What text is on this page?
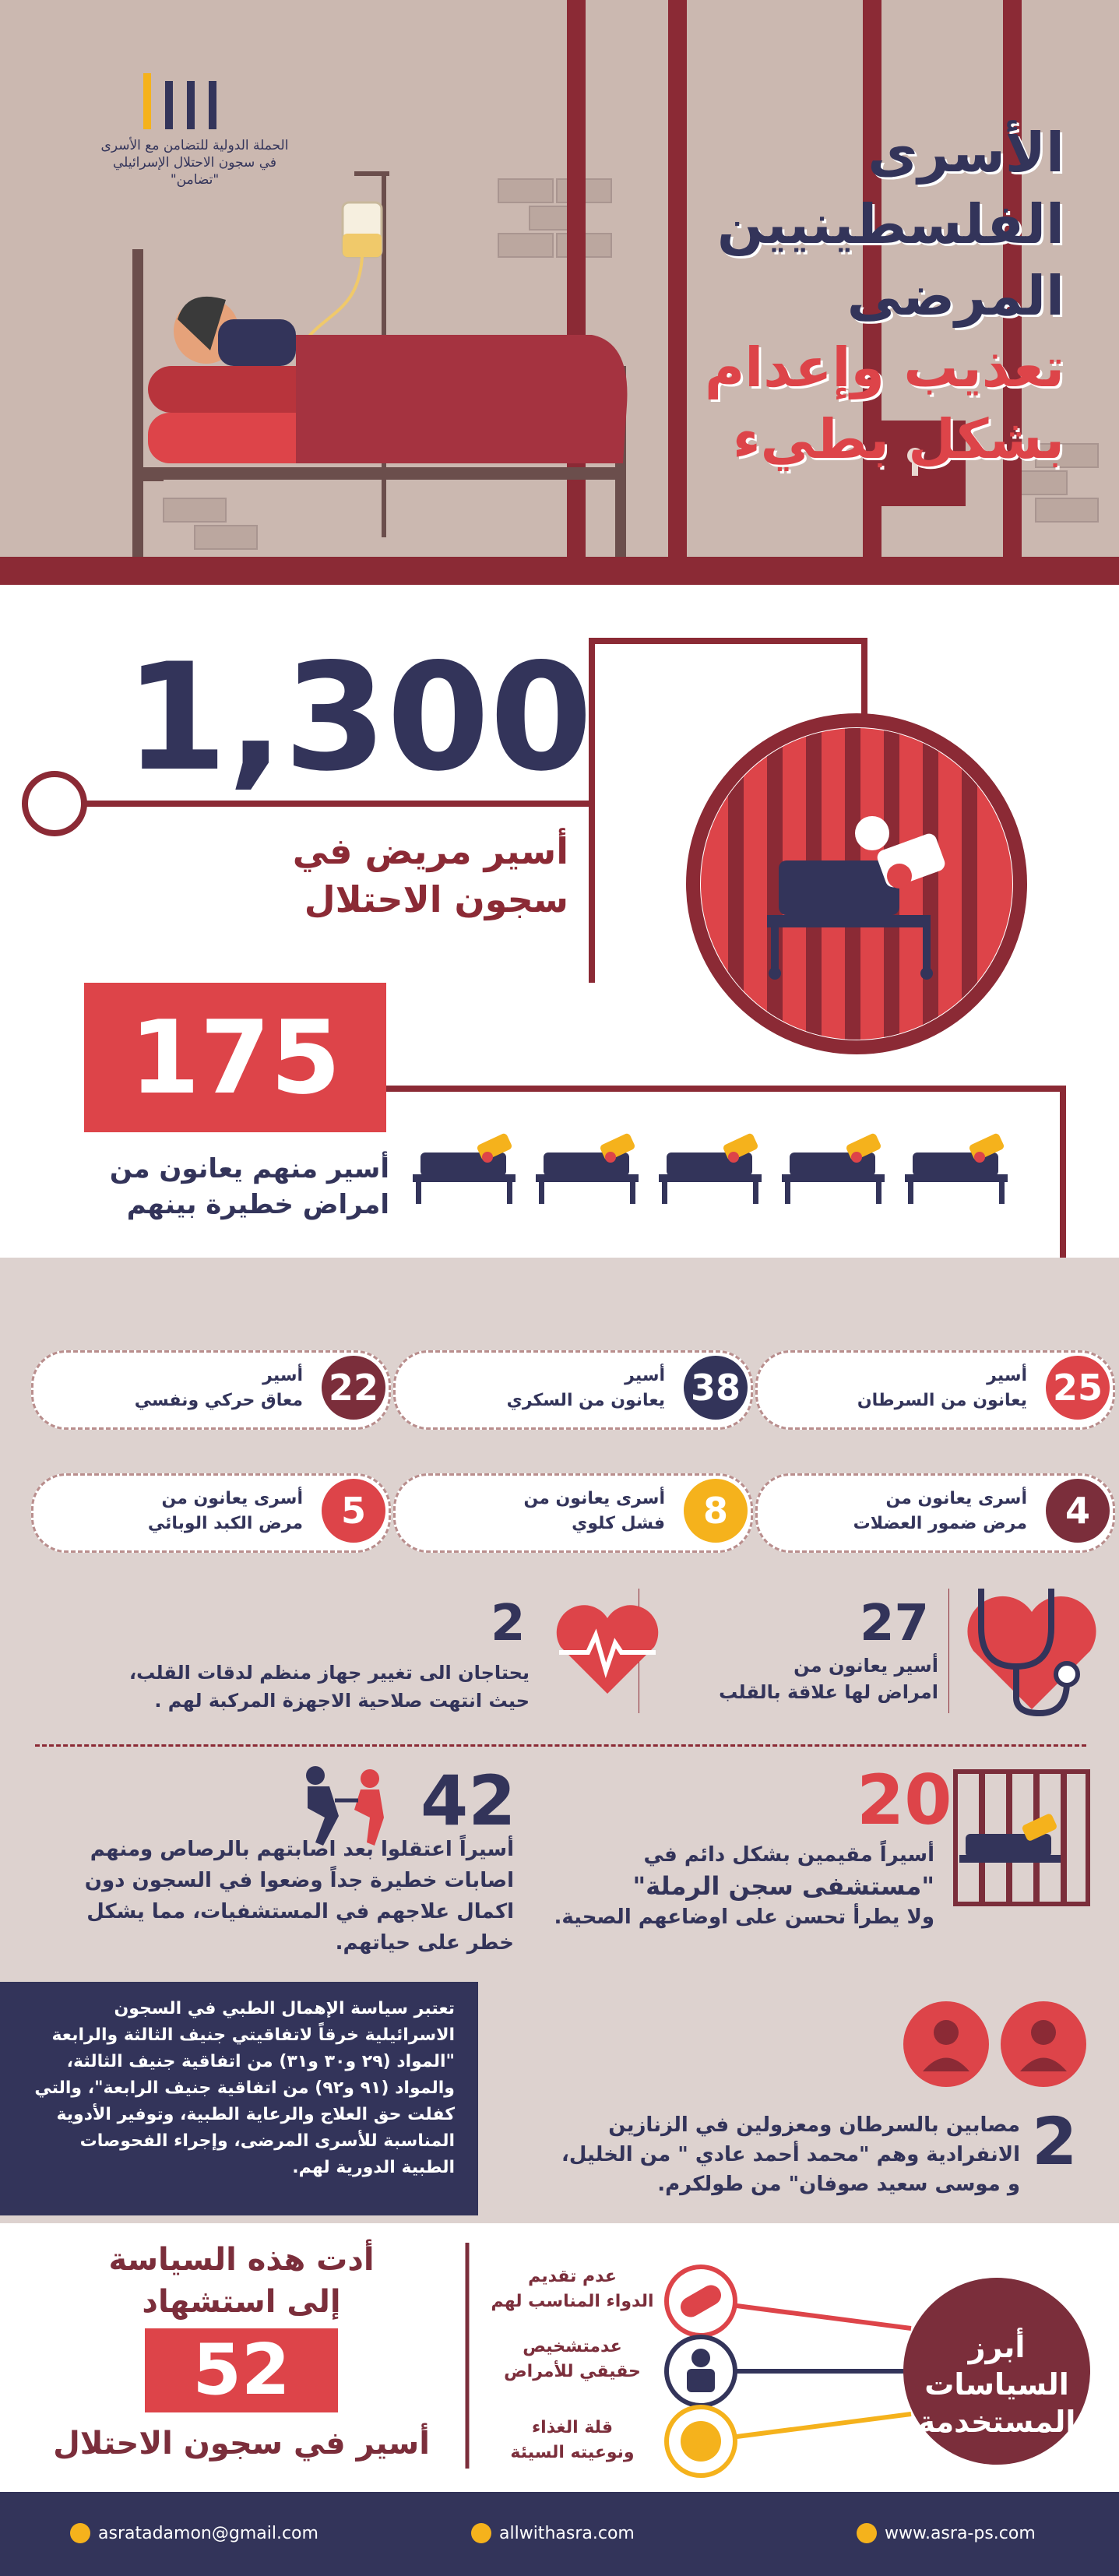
الحملة الدولية للتضامن مع الأسرى
في سجون الاحتلال الإسرائيلي
"تضامن"	الأسرى الفلسطينيين
المرضى
تعذيب وإعدام
بشكل بطيء
1,300
أسير مريض في
سجون الاحتلال
175
أسير منهم يعانون من
امراض خطيرة بينهم
25
أسير
يعانون من السرطان
38
أسير
يعانون من السكري
22
أسير
معاق حركي ونفسي
4
أسرى يعانون من
مرض ضمور العضلات
8
أسرى يعانون من
فشل كلوي
5
أسرى يعانون من
مرض الكبد الوبائي
27
أسير يعانون من
امراض لها علاقة بالقلب
2
يحتاجان الى تغيير جهاز منظم لدقات القلب،
حيث انتهت صلاحية الاجهزة المركبة لهم .
20
أسيراً مقيمين بشكل دائم في
"مستشفى سجن الرملة"
ولا يطرأ تحسن على اوضاعهم الصحية.
42
أسيراً اعتقلوا بعد اصابتهم بالرصاص ومنهم
اصابات خطيرة جداً وضعوا في السجون دون
اكمال علاجهم في المستشفيات، مما يشكل
خطر على حياتهم.
تعتبر سياسة الإهمال الطبي في السجون
الاسرائيلية خرقاً لاتفاقيتي جنيف الثالثة والرابعة
"المواد (٢٩ و٣٠ و٣١) من اتفاقية جنيف الثالثة،
والمواد (٩١ و٩٢) من اتفاقية جنيف الرابعة"، والتي
كفلت حق العلاج والرعاية الطبية، وتوفير الأدوية
المناسبة للأسرى المرضى، وإجراء الفحوصات
الطبية الدورية لهم.	2
مصابين بالسرطان ومعزولين في الزنازين
الانفرادية وهم "محمد أحمد عادي " من الخليل،
و موسى سعيد صوفان" من طولكرم.
أبرز السياسات
المستخدمة
عدم تقديم
الدواء المناسب لهم
عدمتشخيص
حقيقي للأمراض
قلة الغذاء
ونوعيته السيئة
أدت هذه السياسة
إلى استشهاد
52
أسير في سجون الاحتلال
asratadamon@gmail.com	allwithasra.com	www.asra-ps.com
